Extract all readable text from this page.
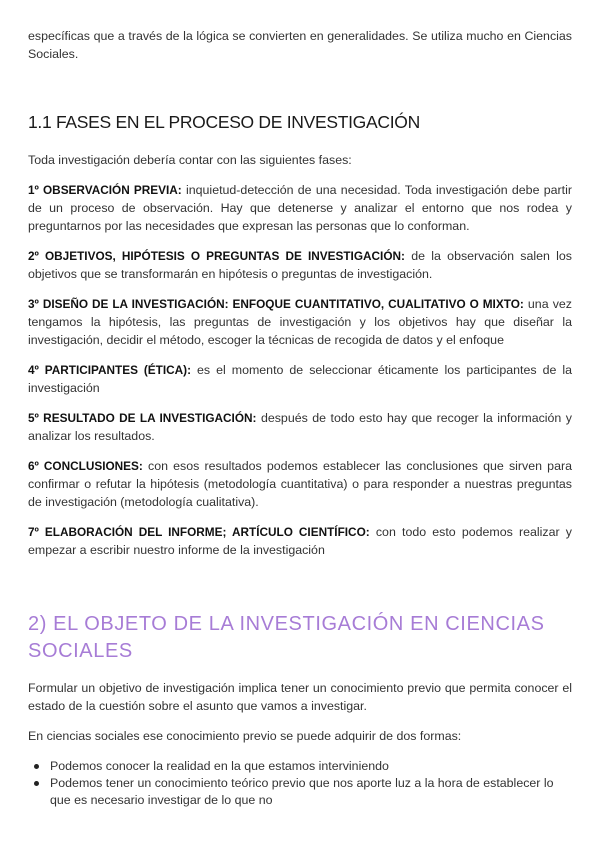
específicas que a través de la lógica se convierten en generalidades. Se utiliza mucho en Ciencias Sociales.

1.1 FASES EN EL PROCESO DE INVESTIGACIÓN

Toda investigación debería contar con las siguientes fases:

1º OBSERVACIÓN PREVIA: inquietud-detección de una necesidad. Toda investigación debe partir de un proceso de observación. Hay que detenerse y analizar el entorno que nos rodea y preguntarnos por las necesidades que expresan las personas que lo conforman.

2º OBJETIVOS, HIPÓTESIS O PREGUNTAS DE INVESTIGACIÓN: de la observación salen los objetivos que se transformarán en hipótesis o preguntas de investigación.

3º DISEÑO DE LA INVESTIGACIÓN: ENFOQUE CUANTITATIVO, CUALITATIVO O MIXTO: una vez tengamos la hipótesis, las preguntas de investigación y los objetivos hay que diseñar la investigación, decidir el método, escoger la técnicas de recogida de datos y el enfoque

4º PARTICIPANTES (ÉTICA): es el momento de seleccionar éticamente los participantes de la investigación

5º RESULTADO DE LA INVESTIGACIÓN: después de todo esto hay que recoger la información y analizar los resultados.

6º CONCLUSIONES: con esos resultados podemos establecer las conclusiones que sirven para confirmar o refutar la hipótesis (metodología cuantitativa) o para responder a nuestras preguntas de investigación (metodología cualitativa).

7º ELABORACIÓN DEL INFORME; ARTÍCULO CIENTÍFICO: con todo esto podemos realizar y empezar a escribir nuestro informe de la investigación

2) EL OBJETO DE LA INVESTIGACIÓN EN CIENCIAS SOCIALES

Formular un objetivo de investigación implica tener un conocimiento previo que permita conocer el estado de la cuestión sobre el asunto que vamos a investigar.

En ciencias sociales ese conocimiento previo se puede adquirir de dos formas:

Podemos conocer la realidad en la que estamos interviniendo
Podemos tener un conocimiento teórico previo que nos aporte luz a la hora de establecer lo que es necesario investigar de lo que no
